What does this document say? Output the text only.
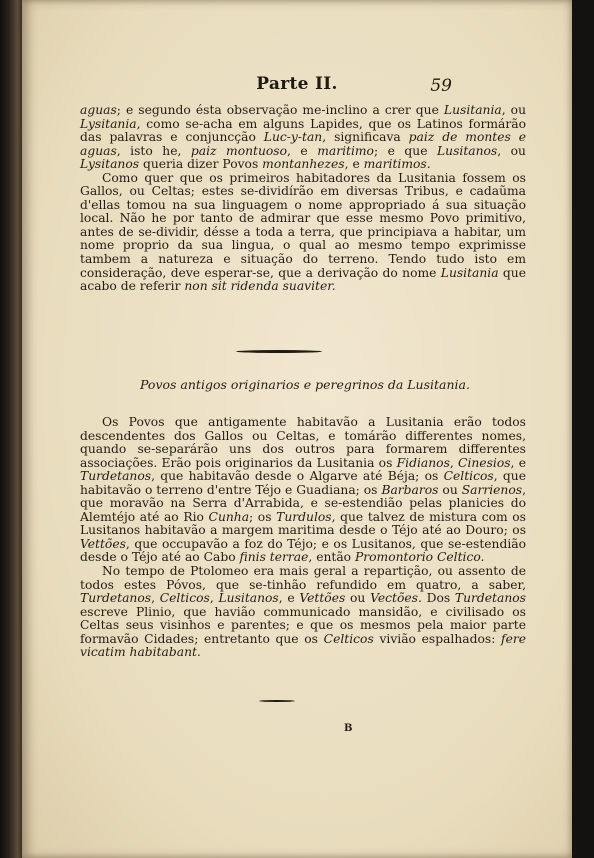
Parte II.	59

aguas; e segundo ésta observação me-inclino a crer que Lusitania, ou Lysitania, como se-acha em alguns Lapides, que os Latinos formárão das palavras e conjuncção Luc-y-tan, significava paiz de montes e aguas, isto he, paiz montuoso, e maritimo; e que Lusitanos, ou Lysitanos queria dizer Povos montanhezes, e maritimos.

Como quer que os primeiros habitadores da Lusitania fossem os Gallos, ou Celtas; estes se-dividírão em diversas Tribus, e cadaũma d'ellas tomou na sua linguagem o nome appropriado á sua situação local. Não he por tanto de admirar que esse mesmo Povo primitivo, antes de se-dividir, désse a toda a terra, que principiava a habitar, um nome proprio da sua lingua, o qual ao mesmo tempo exprimisse tambem a natureza e situação do terreno. Tendo tudo isto em consideração, deve esperar-se, que a derivação do nome Lusitania que acabo de referir non sit ridenda suaviter.

Povos antigos originarios e peregrinos da Lusitania.

Os Povos que antigamente habitavão a Lusitania erão todos descendentes dos Gallos ou Celtas, e tomárão differentes nomes, quando se-separárão uns dos outros para formarem differentes associações. Erão pois originarios da Lusitania os Fidianos, Cinesios, e Turdetanos, que habitavão desde o Algarve até Béja; os Celticos, que habitavão o terreno d'entre Téjo e Guadiana; os Barbaros ou Sarrienos, que moravão na Serra d'Arrabida, e se-estendião pelas planicies do Alemtéjo até ao Rio Cunha; os Turdulos, que talvez de mistura com os Lusitanos habitavão a margem maritima desde o Téjo até ao Douro; os Vettões, que occupavão a foz do Téjo; e os Lusitanos, que se-estendião desde o Téjo até ao Cabo finis terrae, então Promontorio Celtico.

No tempo de Ptolomeo era mais geral a repartição, ou assento de todos estes Póvos, que se-tinhão refundido em quatro, a saber, Turdetanos, Celticos, Lusitanos, e Vettões ou Vectões. Dos Turdetanos escreve Plinio, que havião communicado mansidão, e civilisado os Celtas seus visinhos e parentes; e que os mesmos pela maior parte formavão Cidades; entretanto que os Celticos vivião espalhados: fere vicatim habitabant.

B
